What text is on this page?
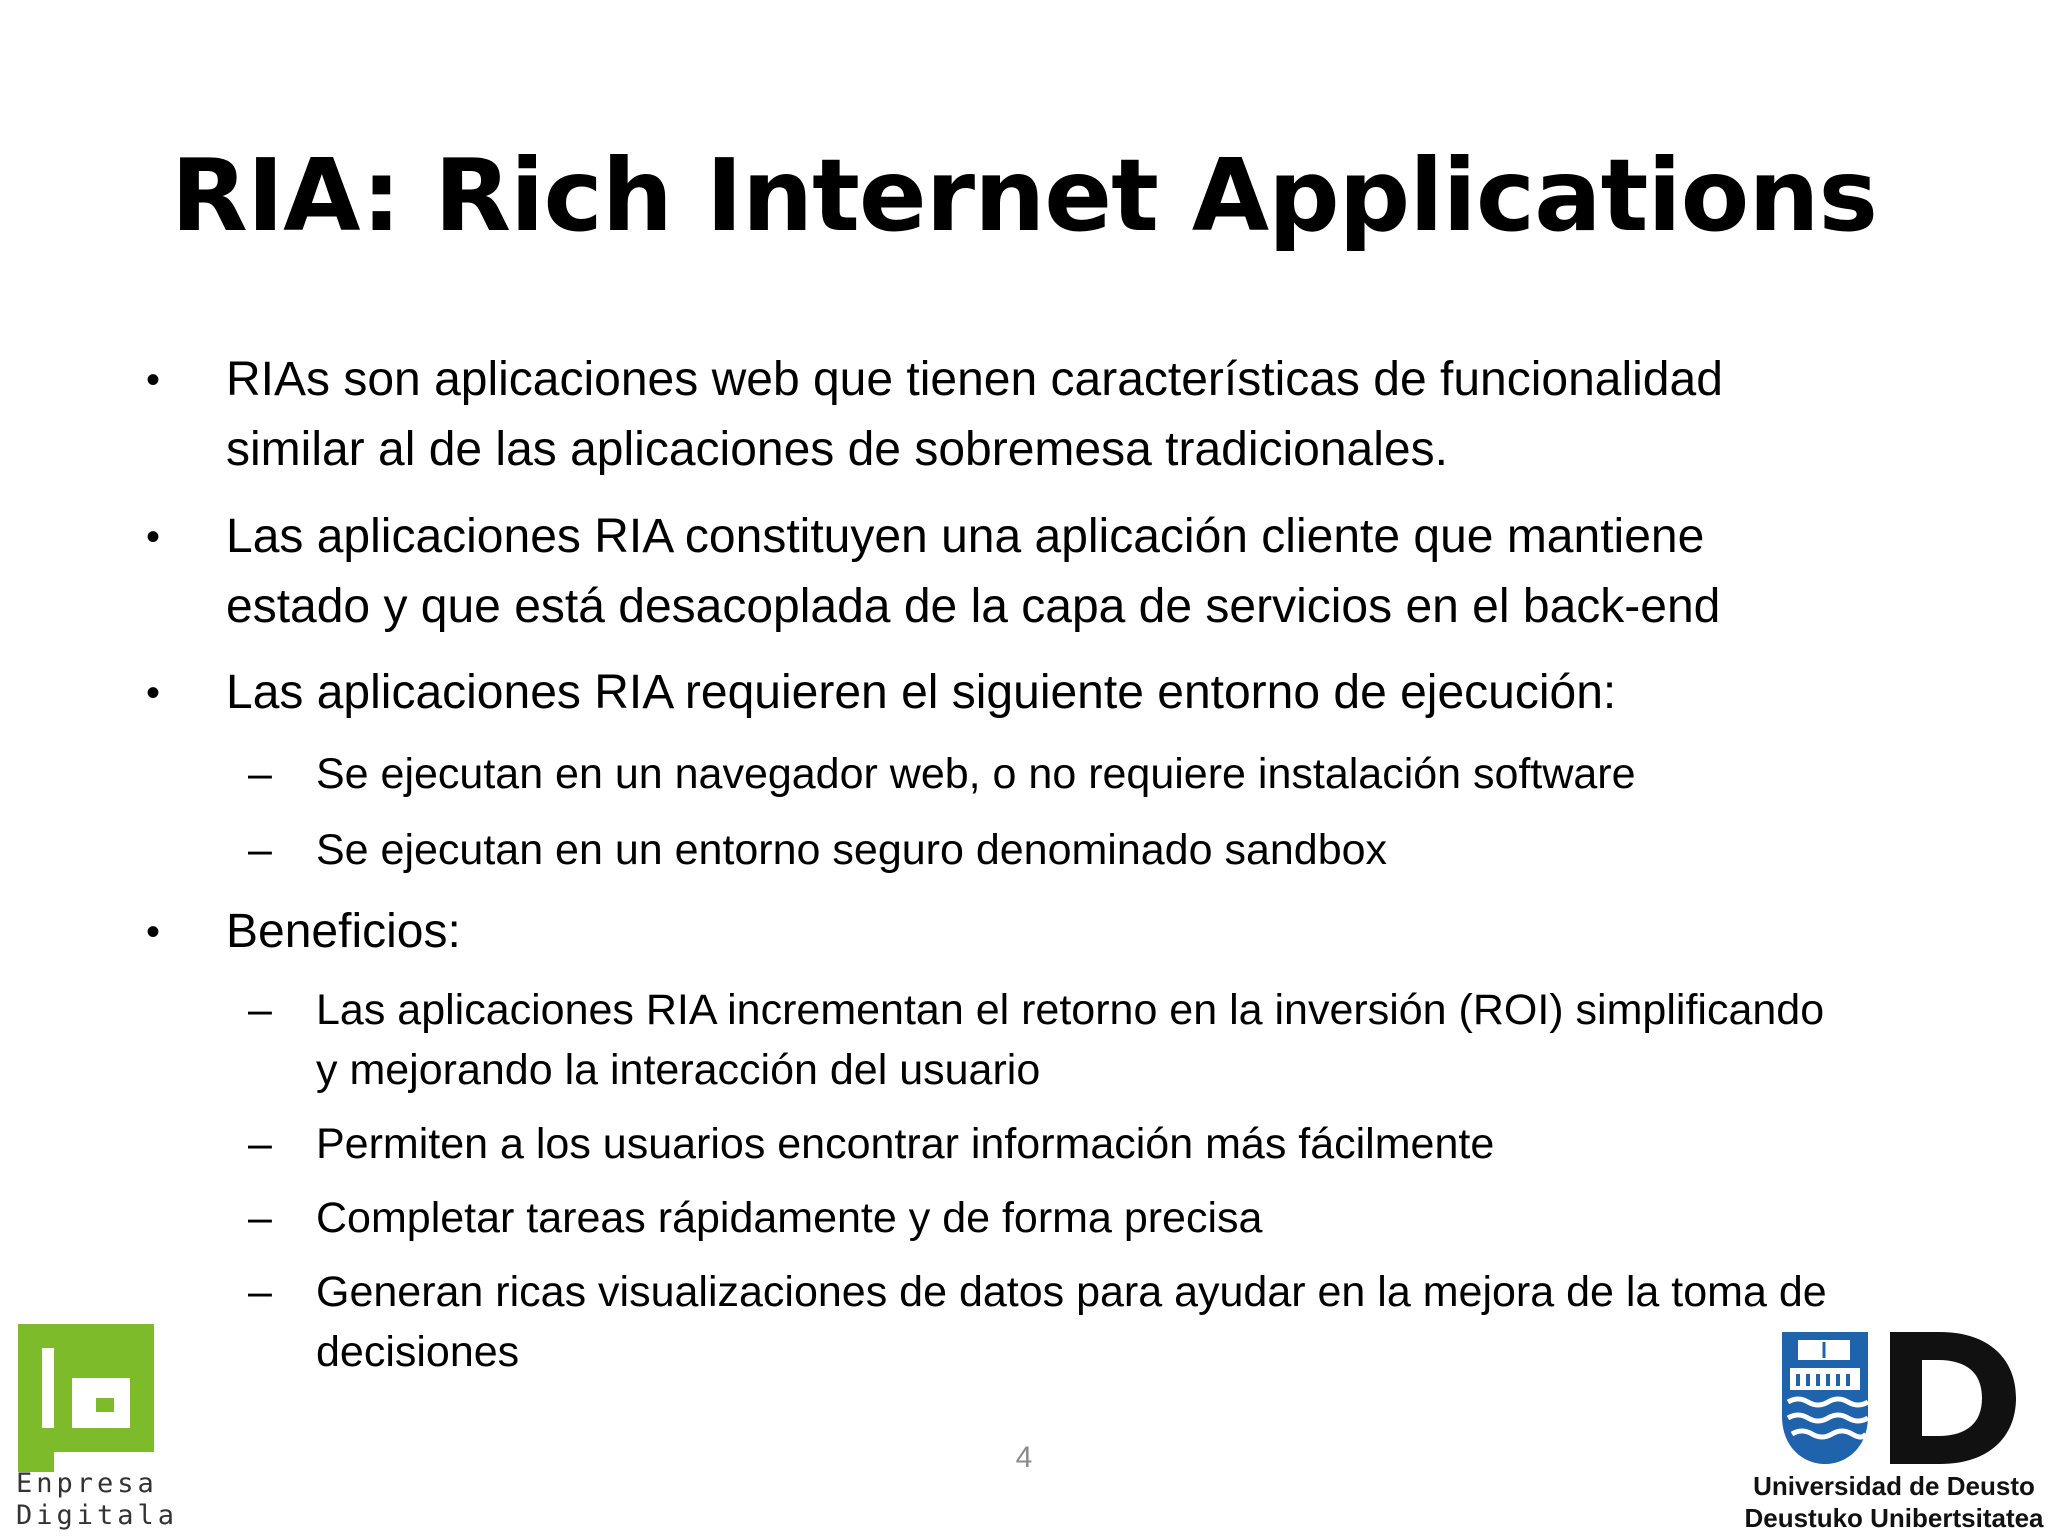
RIA: Rich Internet Applications
• RIAs son aplicaciones web que tienen características de funcionalidad
similar al de las aplicaciones de sobremesa tradicionales.
• Las aplicaciones RIA constituyen una aplicación cliente que mantiene
estado y que está desacoplada de la capa de servicios en el back-end
• Las aplicaciones RIA requieren el siguiente entorno de ejecución:
– Se ejecutan en un navegador web, o no requiere instalación software
– Se ejecutan en un entorno seguro denominado sandbox
• Beneficios:
– Las aplicaciones RIA incrementan el retorno en la inversión (ROI) simplificando
y mejorando la interacción del usuario
– Permiten a los usuarios encontrar información más fácilmente
– Completar tareas rápidamente y de forma precisa
– Generan ricas visualizaciones de datos para ayudar en la mejora de la toma de
decisiones
4
Enpresa
Digitala
Universidad de Deusto
Deustuko Unibertsitatea
